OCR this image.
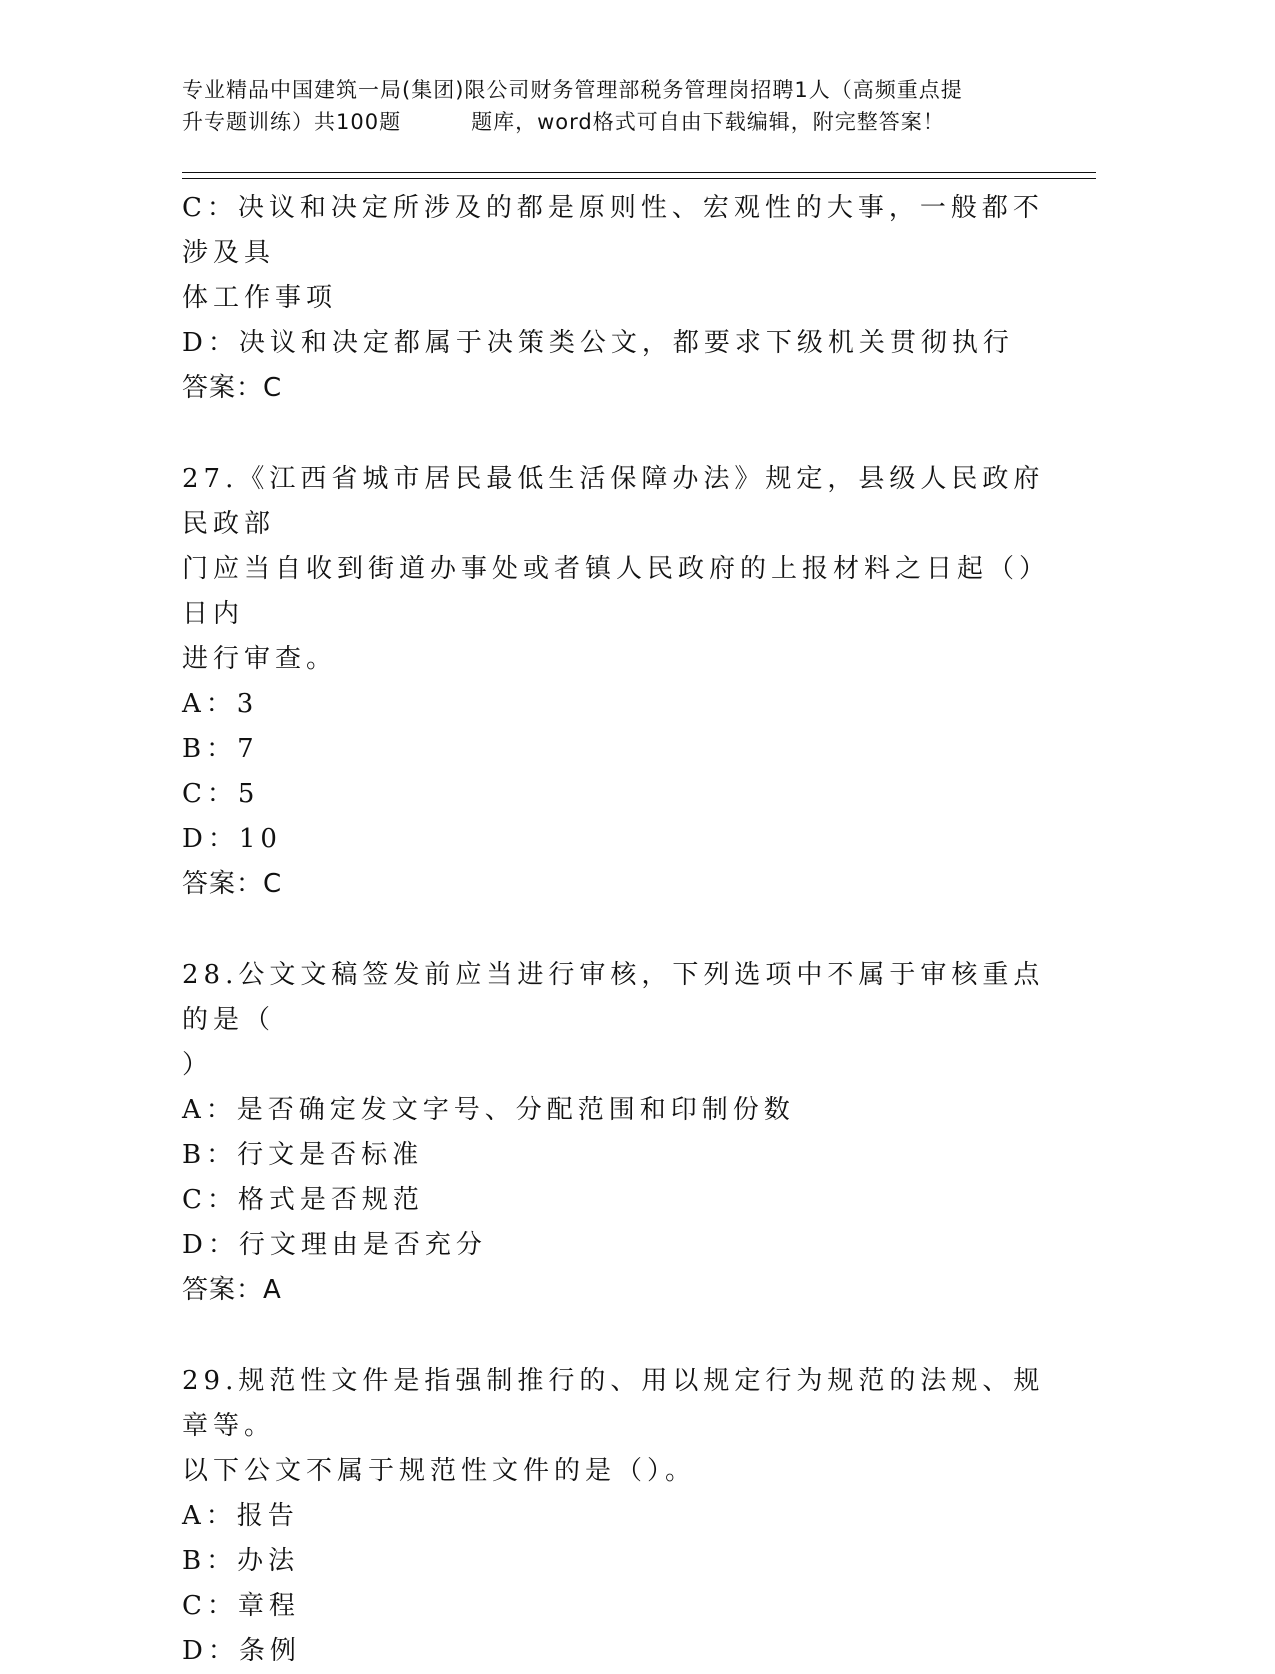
专业精品中国建筑一局(集团)限公司财务管理部税务管理岗招聘1人（高频重点提
升专题训练）共100题	题库，word格式可自由下载编辑，附完整答案！

C：决议和决定所涉及的都是原则性、宏观性的大事，一般都不涉及具

体工作事项

D：决议和决定都属于决策类公文，都要求下级机关贯彻执行

答案：C

27.《江西省城市居民最低生活保障办法》规定，县级人民政府民政部

门应当自收到街道办事处或者镇人民政府的上报材料之日起（）日内

进行审查。

A：3

B：7

C：5

D：10

答案：C

28.公文文稿签发前应当进行审核，下列选项中不属于审核重点的是（

）

A：是否确定发文字号、分配范围和印制份数

B：行文是否标准

C：格式是否规范

D：行文理由是否充分

答案：A

29.规范性文件是指强制推行的、用以规定行为规范的法规、规章等。

以下公文不属于规范性文件的是（）。

A：报告

B：办法

C：章程

D：条例
